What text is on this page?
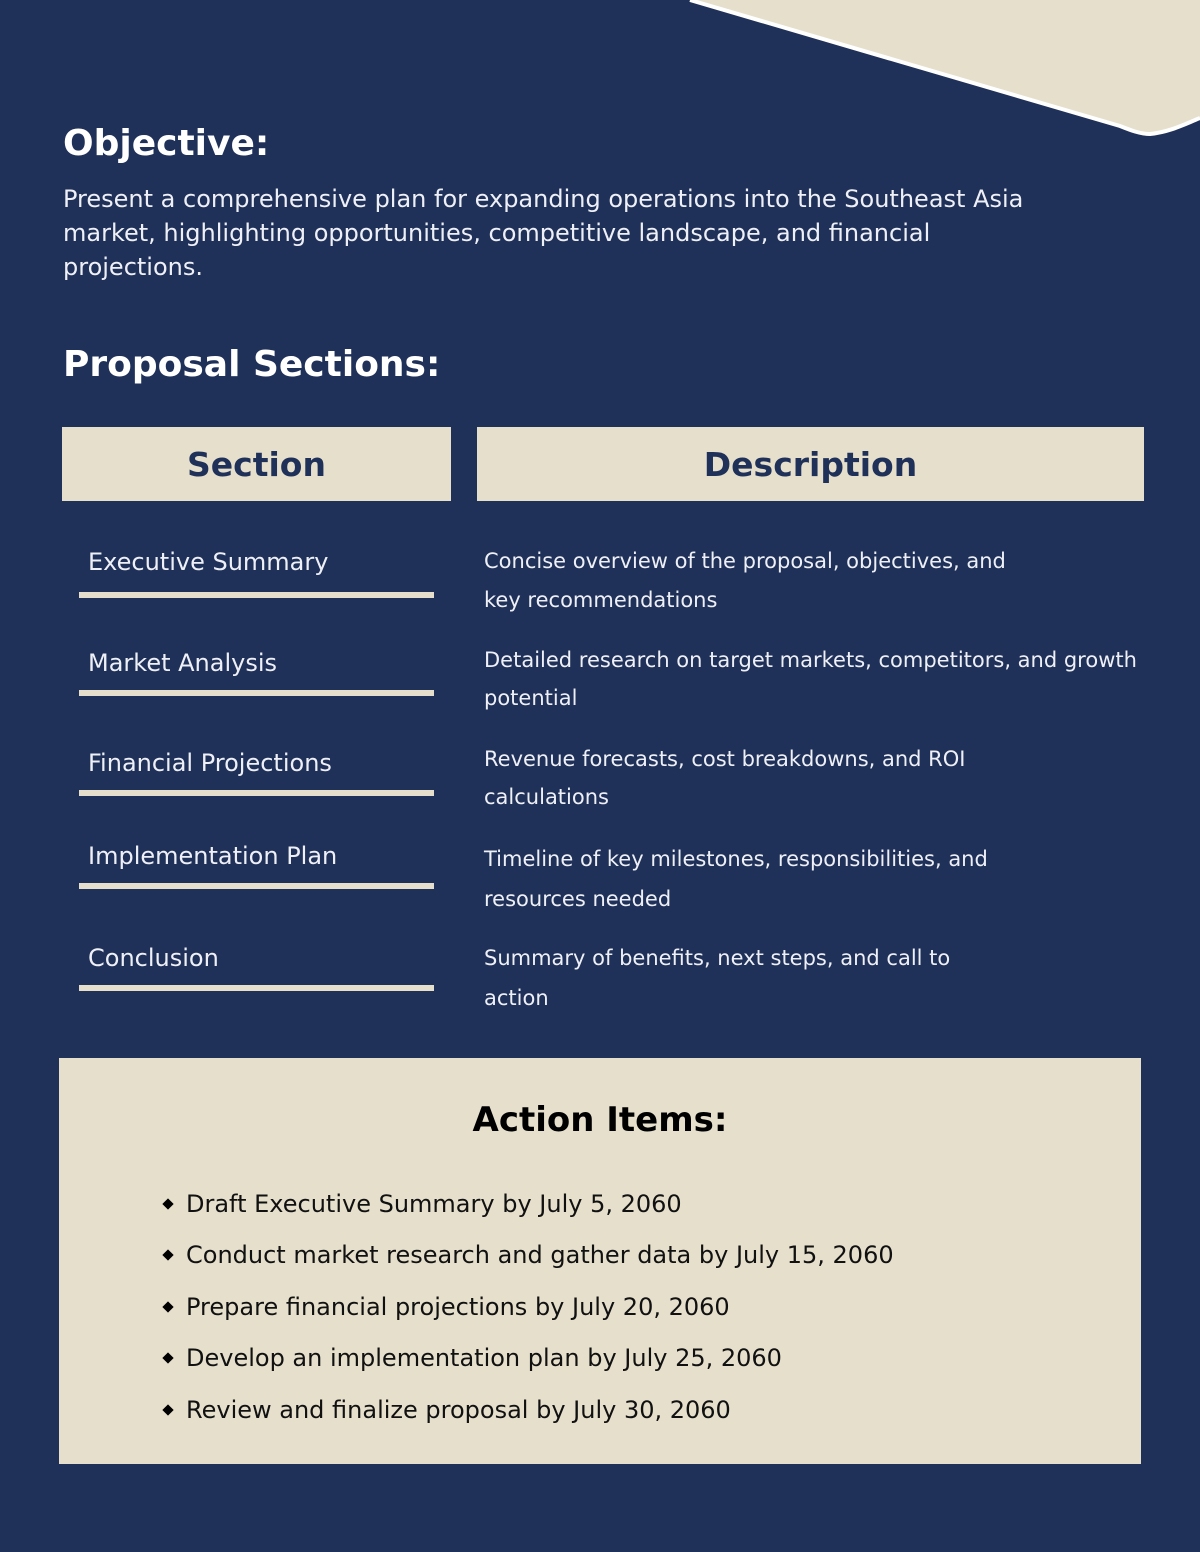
Objective:

Present a comprehensive plan for expanding operations into the Southeast Asia market, highlighting opportunities, competitive landscape, and financial projections.

Proposal Sections:
Section	Description
Executive Summary	Concise overview of the proposal, objectives, and key recommendations
Market Analysis	Detailed research on target markets, competitors, and growth potential
Financial Projections	Revenue forecasts, cost breakdowns, and ROI calculations
Implementation Plan	Timeline of key milestones, responsibilities, and resources needed
Conclusion	Summary of benefits, next steps, and call to action
Action Items:
Draft Executive Summary by July 5, 2060
Conduct market research and gather data by July 15, 2060
Prepare financial projections by July 20, 2060
Develop an implementation plan by July 25, 2060
Review and finalize proposal by July 30, 2060
